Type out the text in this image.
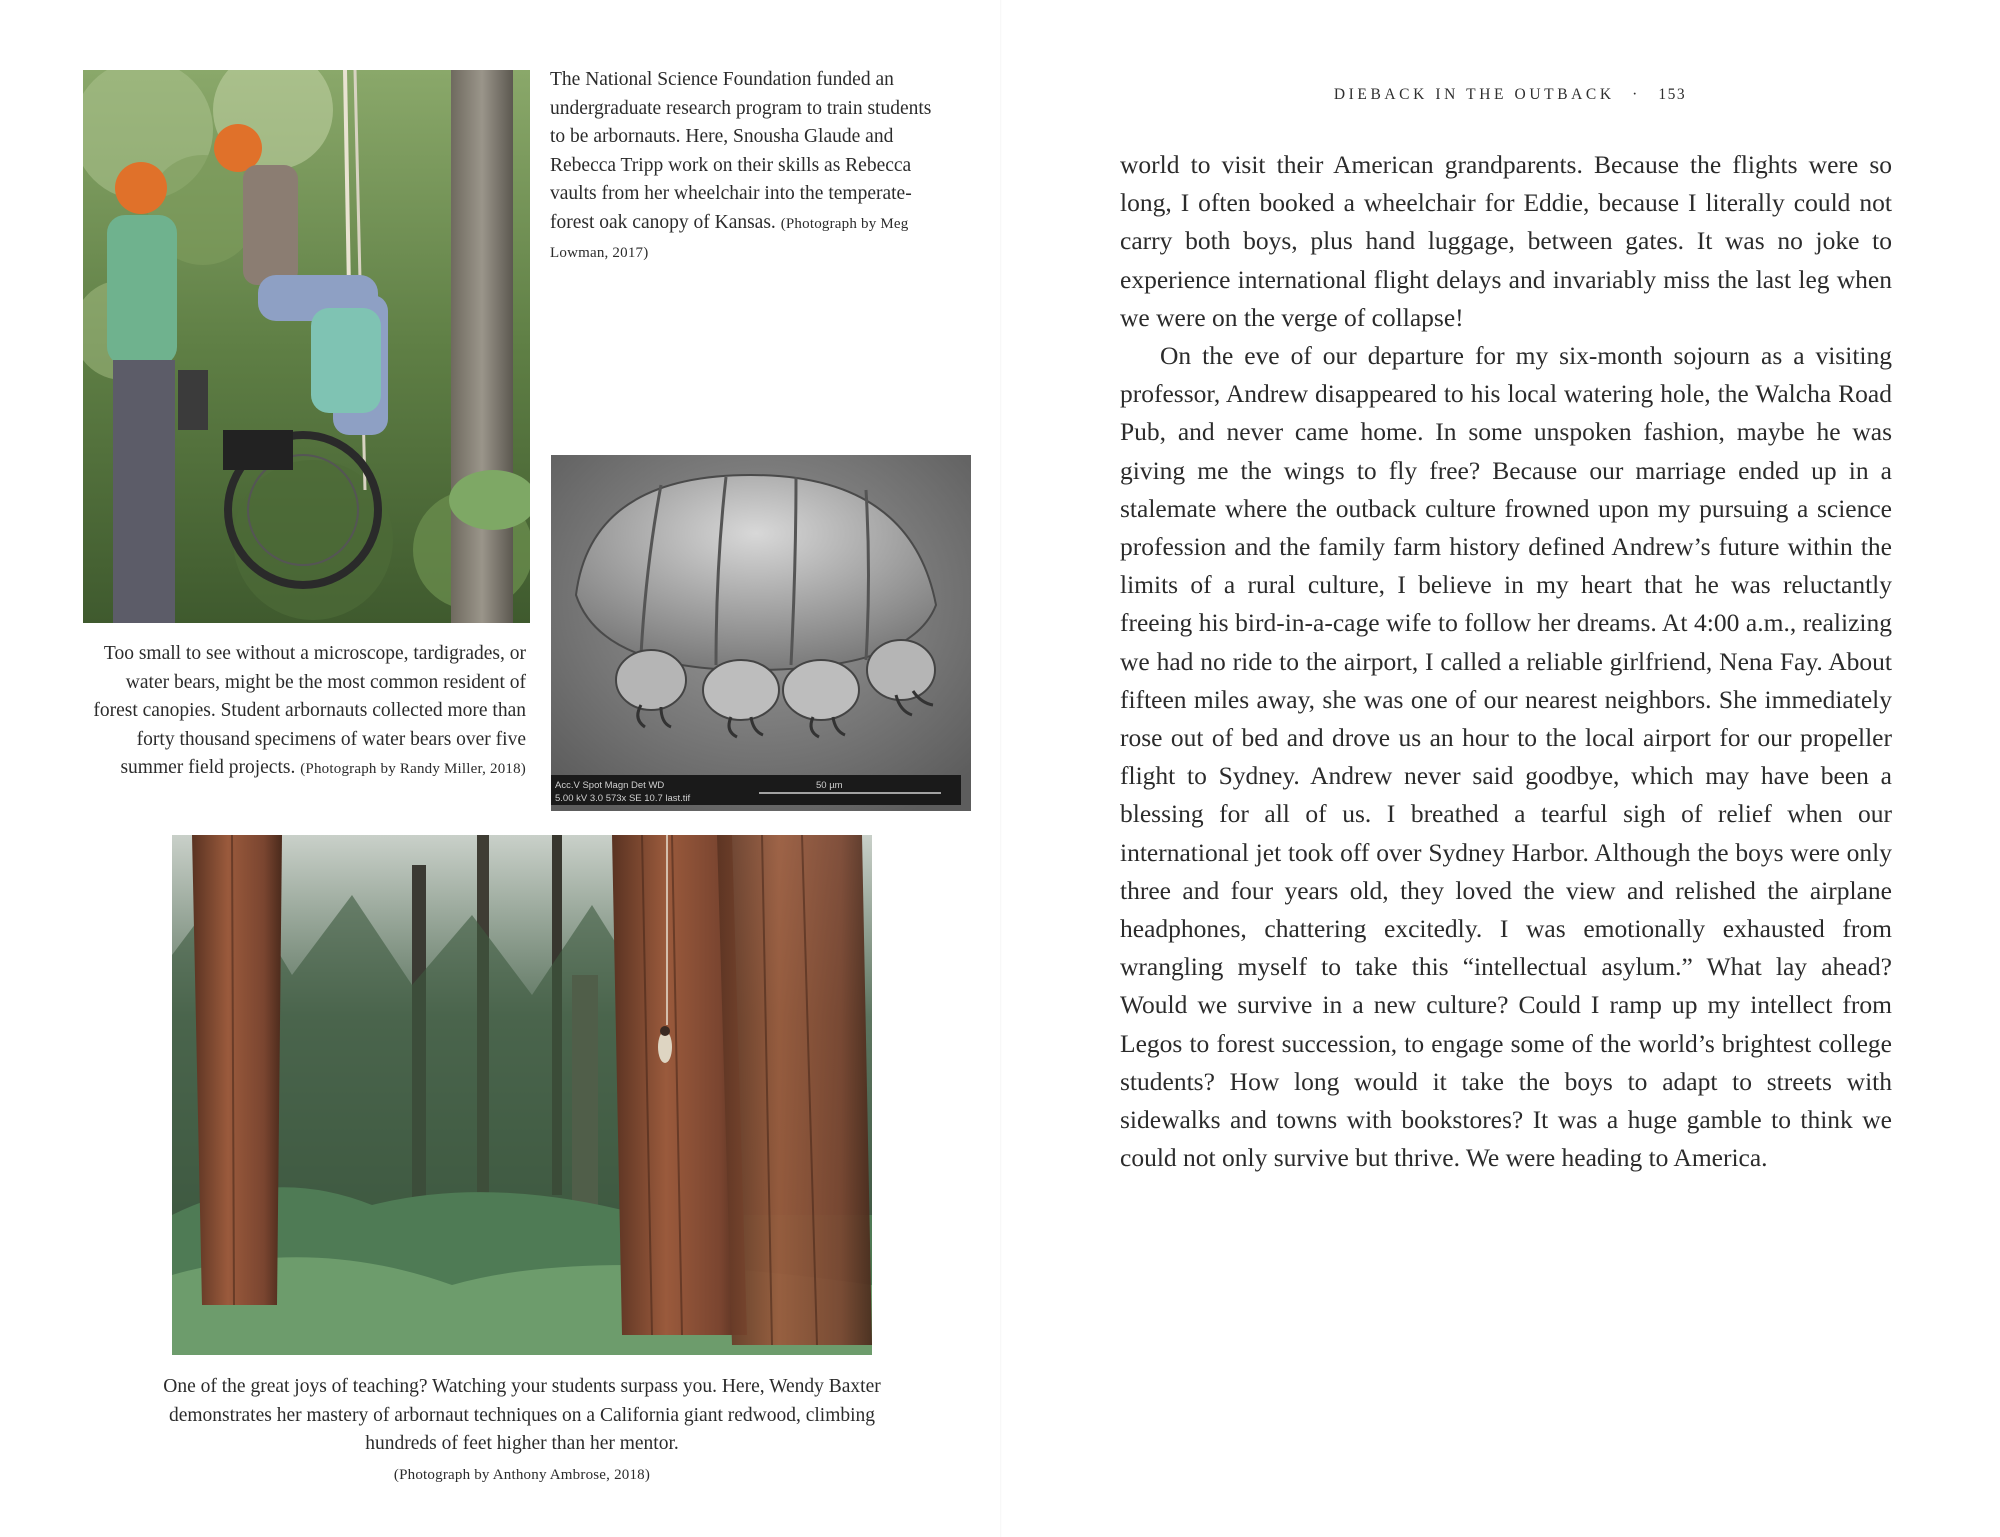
The National Science Foundation funded an undergraduate research program to train students to be arbornauts. Here, Snousha Glaude and Rebecca Tripp work on their skills as Rebecca vaults from her wheelchair into the temperate-forest oak canopy of Kansas. (Photograph by Meg Lowman, 2017)
Acc.V Spot Magn Det WD
5.00 kV 3.0 573x SE 10.7 last.tif
50 µm
Too small to see without a microscope, tardigrades, or water bears, might be the most common resident of forest canopies. Student arbornauts collected more than forty thousand specimens of water bears over five summer field projects. (Photograph by Randy Miller, 2018)
One of the great joys of teaching? Watching your students surpass you. Here, Wendy Baxter demonstrates her mastery of arbornaut techniques on a California giant redwood, climbing hundreds of feet higher than her mentor.
(Photograph by Anthony Ambrose, 2018)
DIEBACK IN THE OUTBACK · 153

world to visit their American grandparents. Because the flights were so long, I often booked a wheelchair for Eddie, because I literally could not carry both boys, plus hand luggage, between gates. It was no joke to experience international flight delays and invariably miss the last leg when we were on the verge of collapse!

On the eve of our departure for my six-month sojourn as a visiting professor, Andrew disappeared to his local watering hole, the Walcha Road Pub, and never came home. In some unspoken fashion, maybe he was giving me the wings to fly free? Because our marriage ended up in a stalemate where the outback culture frowned upon my pursuing a science profession and the family farm history defined Andrew’s future within the limits of a rural culture, I believe in my heart that he was reluctantly freeing his bird-in-a-cage wife to follow her dreams. At 4:00 a.m., realizing we had no ride to the airport, I called a reliable girlfriend, Nena Fay. About fifteen miles away, she was one of our nearest neighbors. She immediately rose out of bed and drove us an hour to the local airport for our propeller flight to Sydney. Andrew never said goodbye, which may have been a blessing for all of us. I breathed a tearful sigh of relief when our international jet took off over Sydney Harbor. Although the boys were only three and four years old, they loved the view and relished the airplane headphones, chattering excitedly. I was emotionally exhausted from wrangling myself to take this “intellectual asylum.” What lay ahead? Would we survive in a new culture? Could I ramp up my intellect from Legos to forest succession, to engage some of the world’s brightest college students? How long would it take the boys to adapt to streets with sidewalks and towns with bookstores? It was a huge gamble to think we could not only survive but thrive. We were heading to America.
